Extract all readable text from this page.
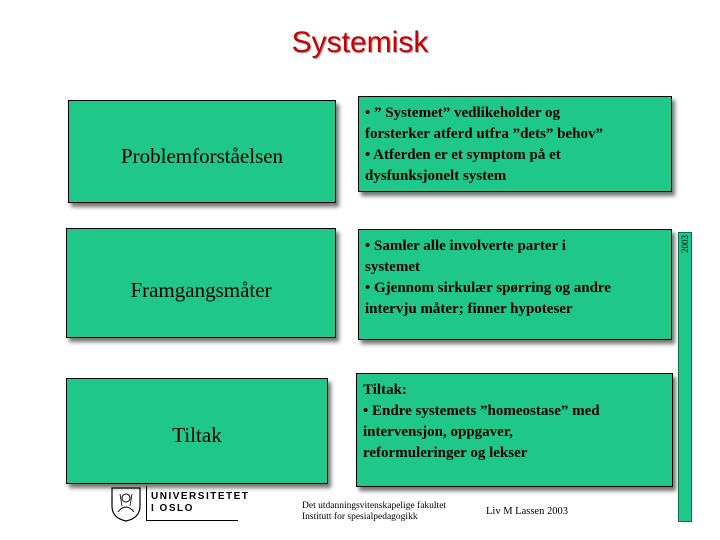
Systemisk
Problemforståelsen
• ” Systemet” vedlikeholder og
forsterker atferd utfra ”dets” behov”
• Atferden er et symptom på et
dysfunksjonelt system
Framgangsmåter
• Samler alle involverte parter i
systemet
• Gjennom sirkulær spørring og andre
intervju måter; finner hypoteser
Tiltak
Tiltak:
• Endre systemets ”homeostase” med
intervensjon, oppgaver,
reformuleringer og lekser
2003
UNIVERSITETET
I OSLO	Det utdanningsvitenskapelige fakultet
Institutt for spesialpedagogikk	Liv M Lassen 2003
